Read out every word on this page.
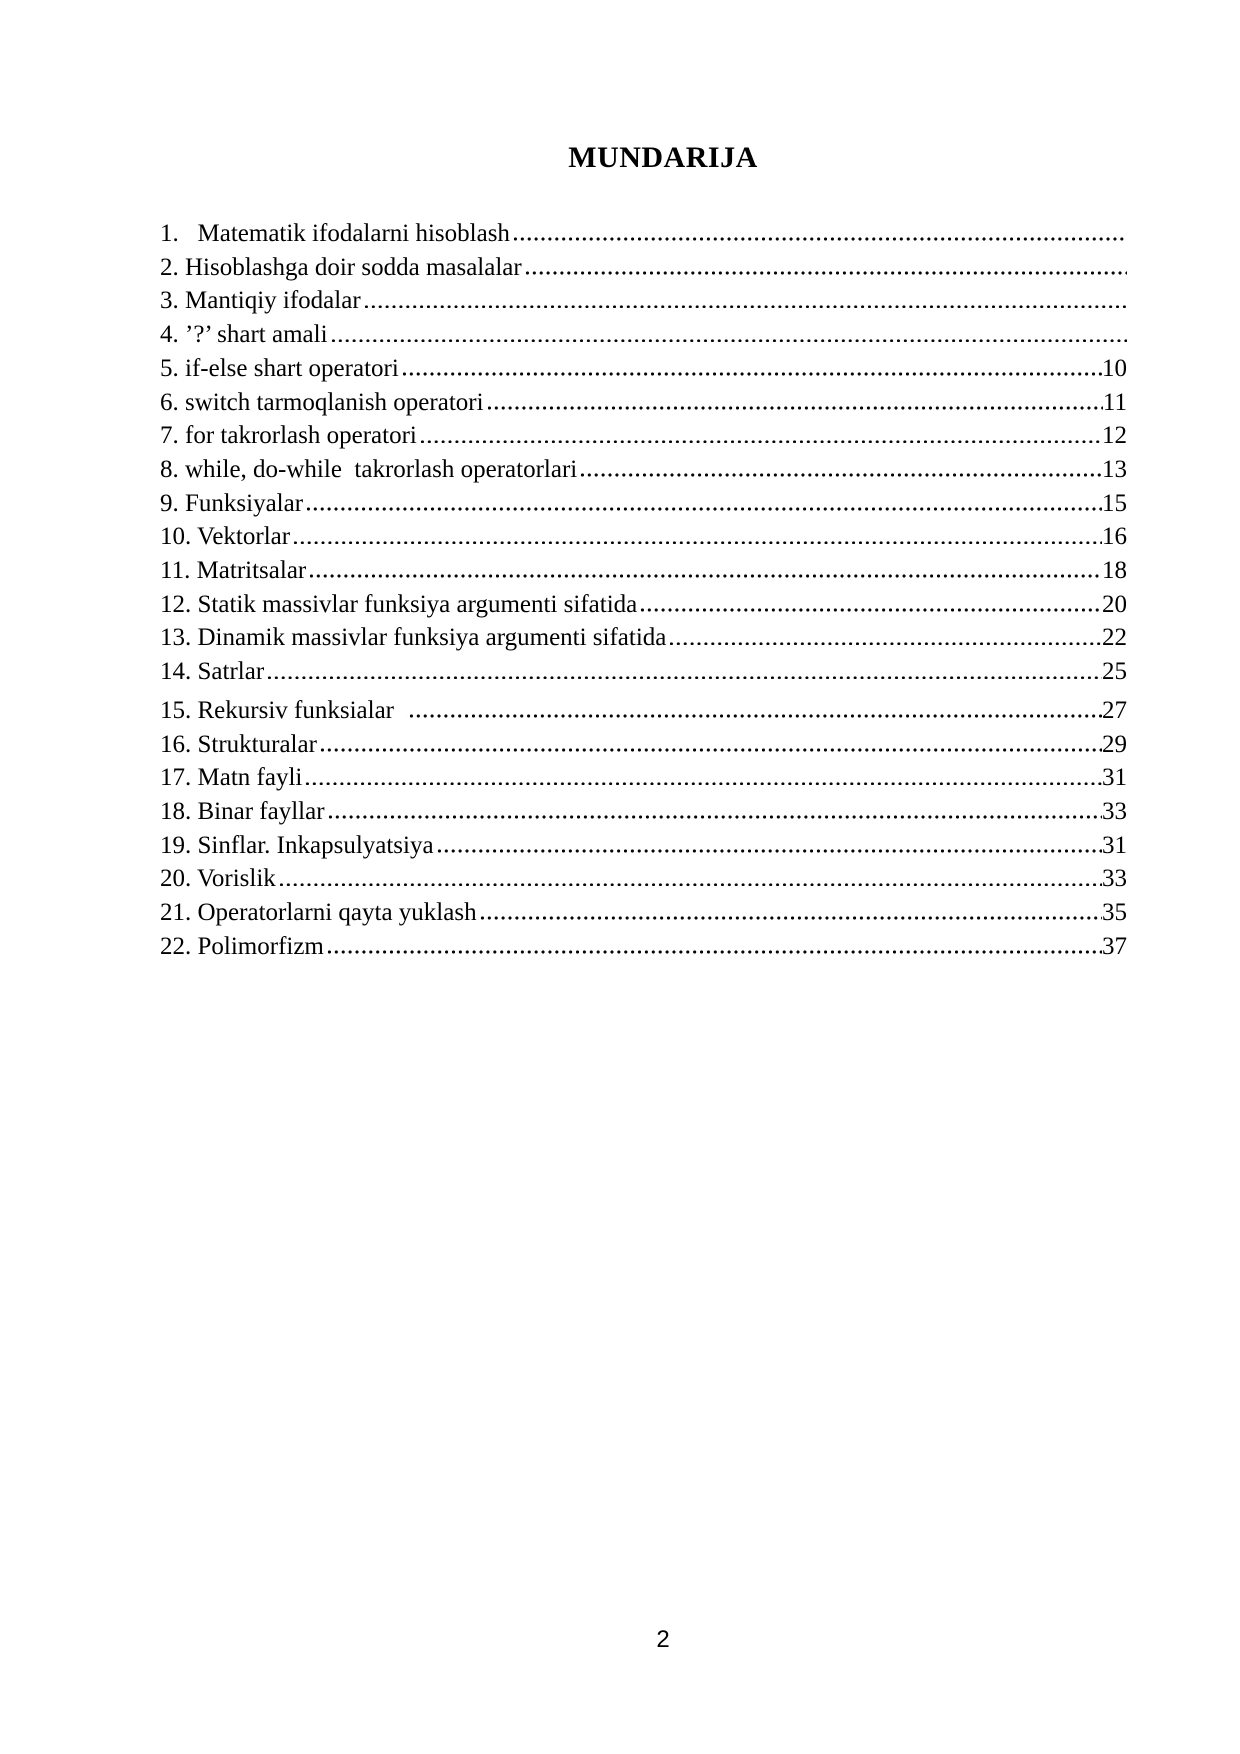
MUNDARIJA
1.   Matematik ifodalarni hisoblash
2. Hisoblashga doir sodda masalalar
3. Mantiqiy ifodalar
4. ’?’ shart amali
5. if-else shart operatori	10
6. switch tarmoqlanish operatori	11
7. for takrorlash operatori	12
8. while, do-while  takrorlash operatorlari	13
9. Funksiyalar	15
10. Vektorlar	16
11. Matritsalar	18
12. Statik massivlar funksiya argumenti sifatida	20
13. Dinamik massivlar funksiya argumenti sifatida	22
14. Satrlar	25
15. Rekursiv funksialar	27
16. Strukturalar	29
17. Matn fayli	31
18. Binar fayllar	33
19. Sinflar. Inkapsulyatsiya	31
20. Vorislik	33
21. Operatorlarni qayta yuklash	35
22. Polimorfizm	37
2
